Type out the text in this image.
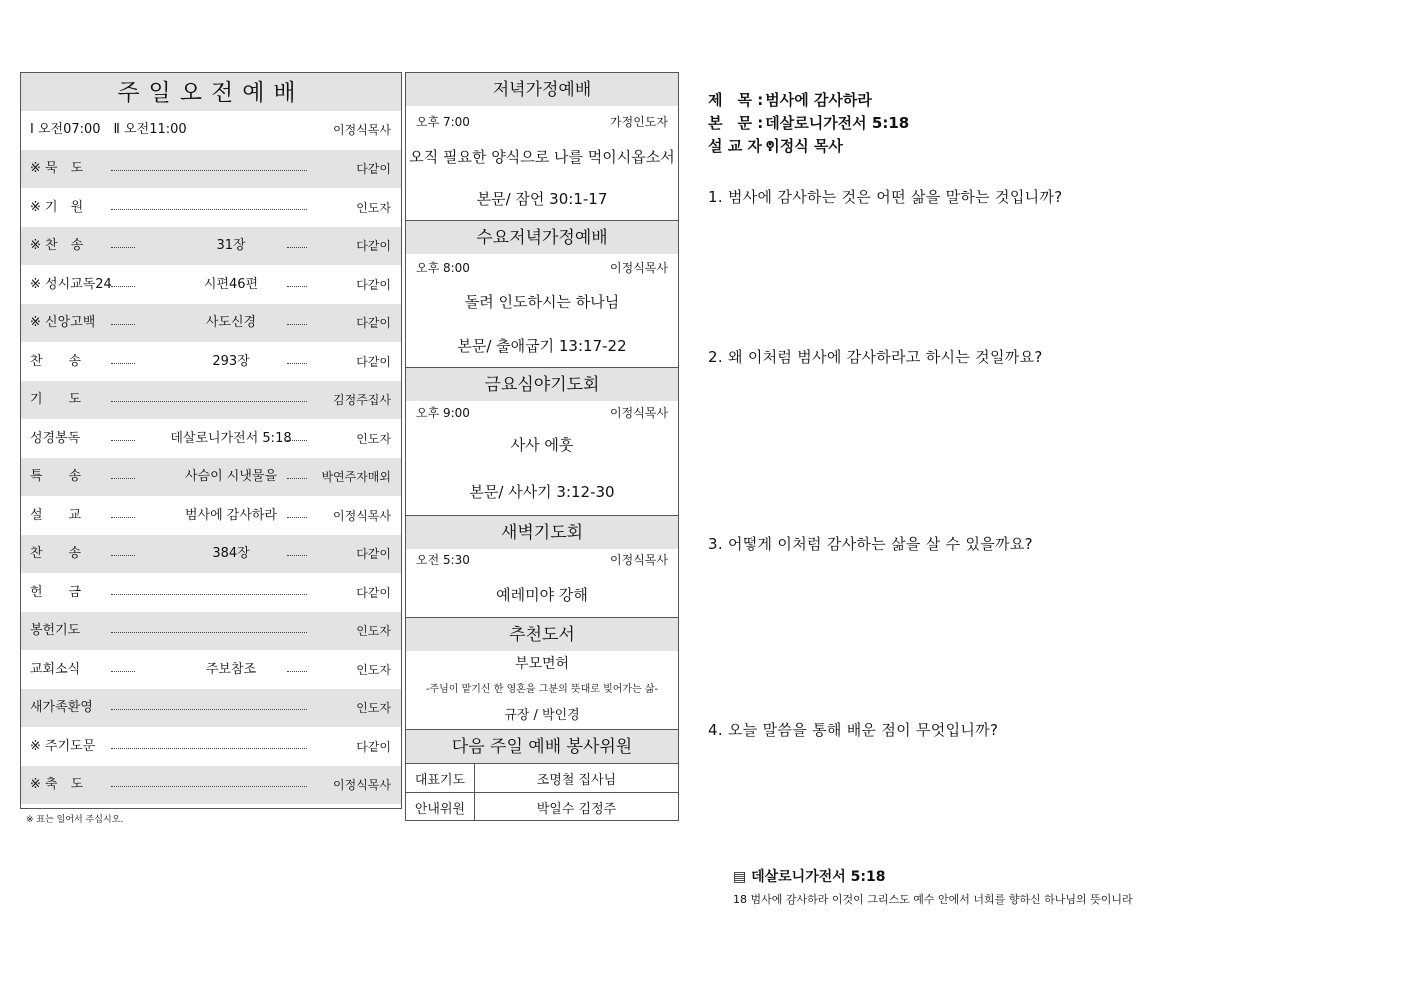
주일오전예배
Ⅰ 오전07:00　Ⅱ 오전11:00	이정식목사
※ 묵　도	다같이
※ 기　원	인도자
※ 찬　송	31장	다같이
※ 성시교독24	시편46편	다같이
※ 신앙고백	사도신경	다같이
찬　　송	293장	다같이
기　　도	김정주집사
성경봉독	데살로니가전서 5:18	인도자
특　　송	사슴이 시냇물을	박연주자매외
설　　교	범사에 감사하라	이정식목사
찬　　송	384장	다같이
헌　　금	다같이
봉헌기도	인도자
교회소식	주보참조	인도자
새가족환영	인도자
※ 주기도문	다같이
※ 축　도	이정식목사
※ 표는 일어서 주십시오.
저녁가정예배
오후 7:00	가정인도자
오직 필요한 양식으로 나를 먹이시옵소서
본문/ 잠언 30:1-17
수요저녁가정예배
오후 8:00	이정식목사
돌려 인도하시는 하나님
본문/ 출애굽기 13:17-22
금요심야기도회
오후 9:00	이정식목사
사사 에훗
본문/ 사사기 3:12-30
새벽기도회
오전 5:30	이정식목사
예레미야 강해
추천도서
부모면허
-주님이 맡기신 한 영혼을 그분의 뜻대로 빚어가는 삶-
규장 / 박인경
다음 주일 예배 봉사위원
대표기도	조명철 집사님
안내위원	박일수 김정주
제　목 : 범사에 감사하라
본　문 : 데살로니가전서 5:18
설 교 자 : 이정식 목사
1. 범사에 감사하는 것은 어떤 삶을 말하는 것입니까?
2. 왜 이처럼 범사에 감사하라고 하시는 것일까요?
3. 어떻게 이처럼 감사하는 삶을 살 수 있을까요?
4. 오늘 말씀을 통해 배운 점이 무엇입니까?
▤ 데살로니가전서 5:18
18 범사에 감사하라 이것이 그리스도 예수 안에서 너희를 향하신 하나님의 뜻이니라
